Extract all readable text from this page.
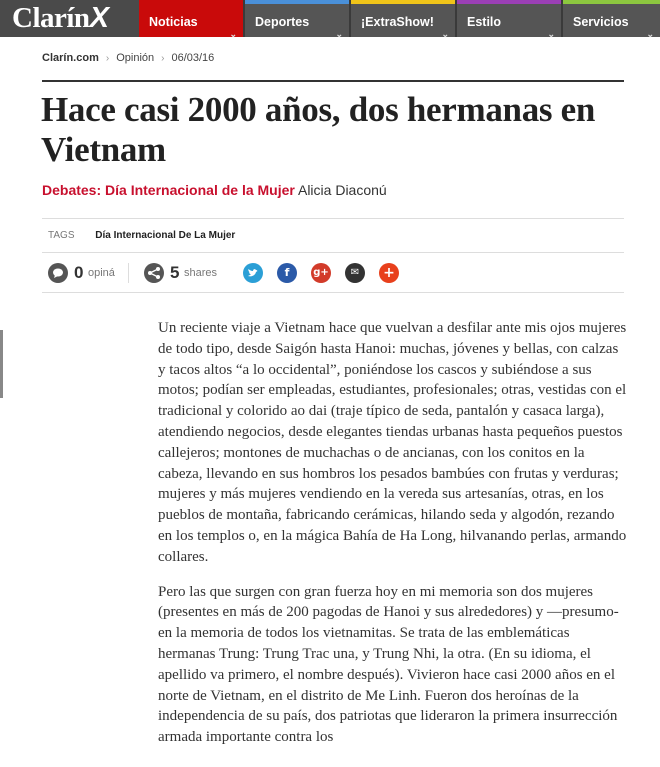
ClarínX	Noticias
⌄
Deportes
⌄
¡ExtraShow!
⌄
Estilo
⌄
Servicios
⌄
Clarín.com › Opinión › 06/03/16
Hace casi 2000 años, dos hermanas en Vietnam
Debates: Día Internacional de la Mujer Alicia Diaconú
TAGS Día Internacional De La Mujer
0 opiná	5 shares	f	g+	✉	+

Un reciente viaje a Vietnam hace que vuelvan a desfilar ante mis ojos mujeres de todo tipo, desde Saigón hasta Hanoi: muchas, jóvenes y bellas, con calzas y tacos altos “a lo occidental”, poniéndose los cascos y subiéndose a sus motos; podían ser empleadas, estudiantes, profesionales; otras, vestidas con el tradicional y colorido ao dai (traje típico de seda, pantalón y casaca larga), atendiendo negocios, desde elegantes tiendas urbanas hasta pequeños puestos callejeros; montones de muchachas o de ancianas, con los conitos en la cabeza, llevando en sus hombros los pesados bambúes con frutas y verduras; mujeres y más mujeres vendiendo en la vereda sus artesanías, otras, en los pueblos de montaña, fabricando cerámicas, hilando seda y algodón, rezando en los templos o, en la mágica Bahía de Ha Long, hilvanando perlas, armando collares.

Pero las que surgen con gran fuerza hoy en mi memoria son dos mujeres (presentes en más de 200 pagodas de Hanoi y sus alrededores) y —presumo- en la memoria de todos los vietnamitas. Se trata de las emblemáticas hermanas Trung: Trung Trac una, y Trung Nhi, la otra. (En su idioma, el apellido va primero, el nombre después). Vivieron hace casi 2000 años en el norte de Vietnam, en el distrito de Me Linh. Fueron dos heroínas de la independencia de su país, dos patriotas que lideraron la primera insurrección armada importante contra los
